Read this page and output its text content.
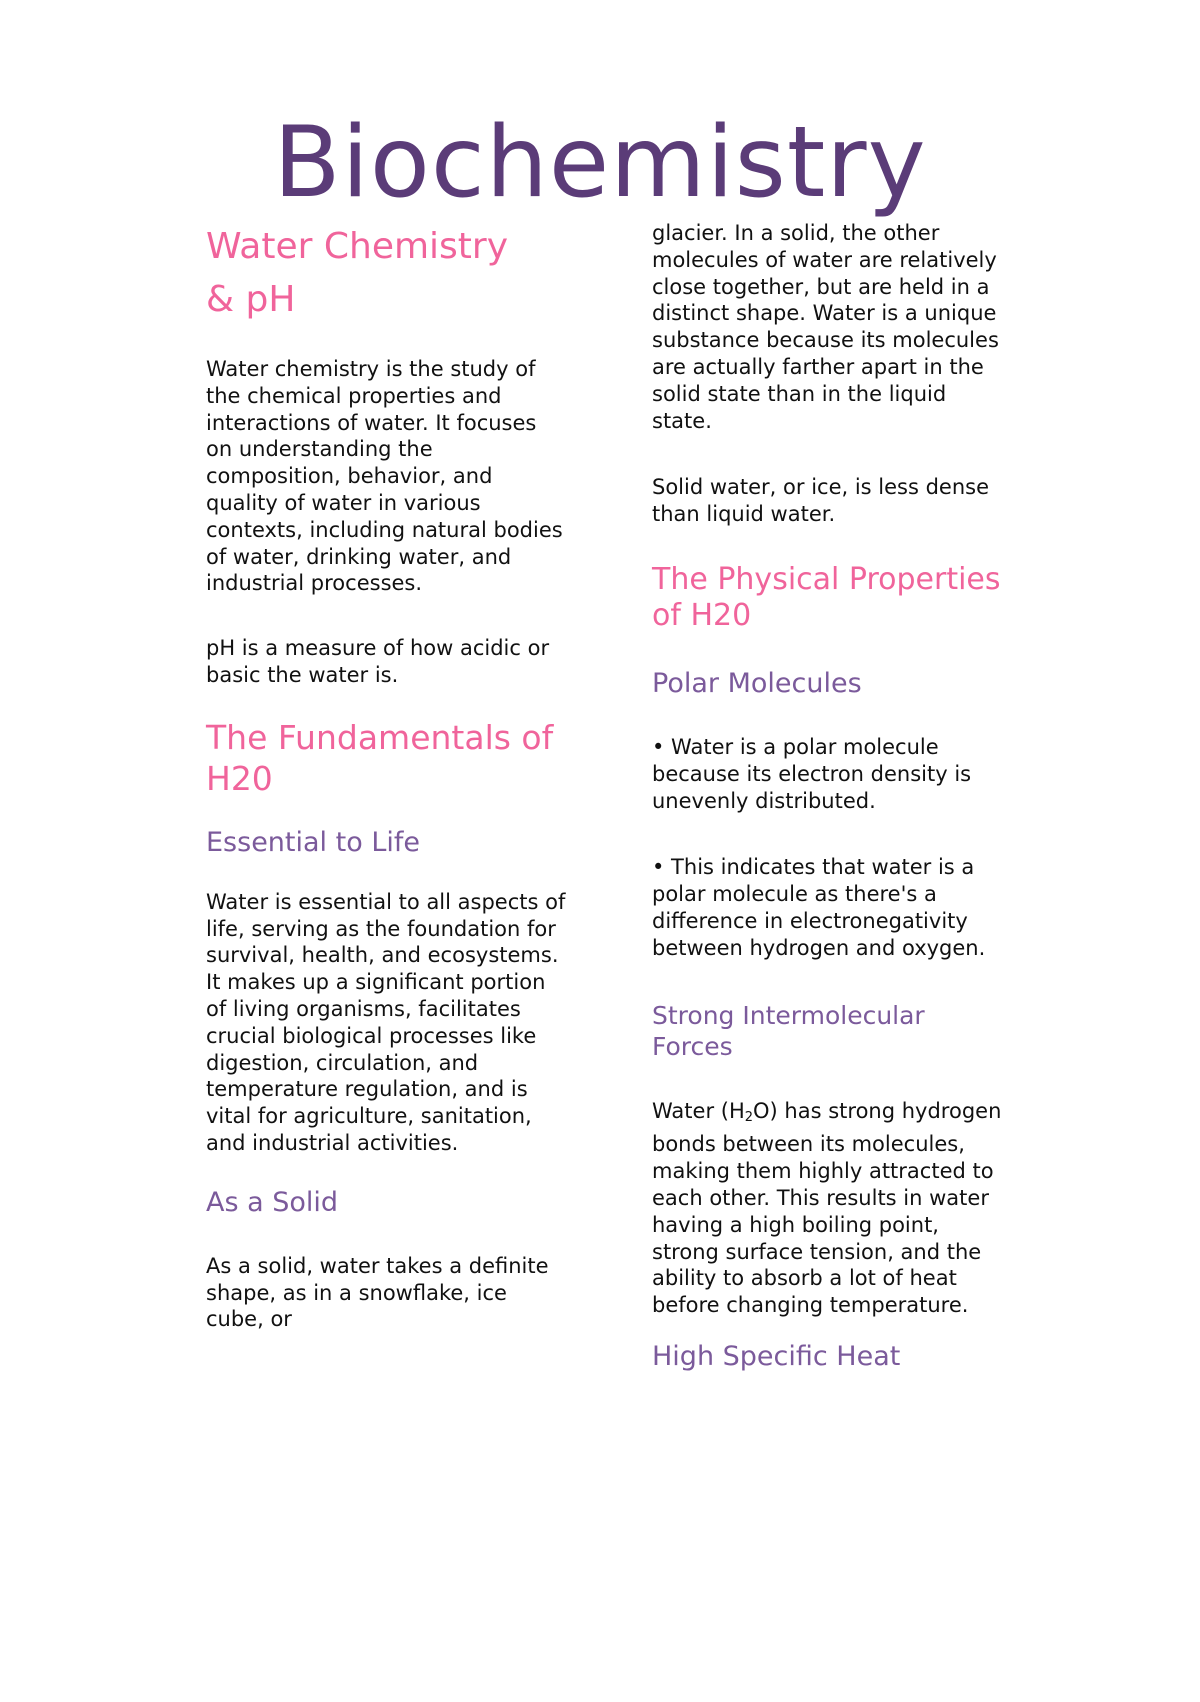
Biochemistry
Water Chemistry & pH

Water chemistry is the study of the chemical properties and interactions of water. It focuses on understanding the composition, behavior, and quality of water in various contexts, including natural bodies of water, drinking water, and industrial processes.

pH is a measure of how acidic or basic the water is.

The Fundamentals of H20
Essential to Life

Water is essential to all aspects of life, serving as the foundation for survival, health, and ecosystems. It makes up a significant portion of living organisms, facilitates crucial biological processes like digestion, circulation, and temperature regulation, and is vital for agriculture, sanitation, and industrial activities.

As a Solid

As a solid, water takes a definite shape, as in a snowflake, ice cube, or

glacier. In a solid, the other molecules of water are relatively close together, but are held in a distinct shape. Water is a unique substance because its molecules are actually farther apart in the solid state than in the liquid state.

Solid water, or ice, is less dense than liquid water.

The Physical Properties of H20
Polar Molecules

• Water is a polar molecule because its electron density is unevenly distributed.

• This indicates that water is a polar molecule as there's a difference in electronegativity between hydrogen and oxygen.

Strong Intermolecular Forces

Water $(H_2O)$ has strong hydrogen bonds between its molecules, making them highly attracted to each other. This results in water having a high boiling point, strong surface tension, and the ability to absorb a lot of heat before changing temperature.

High Specific Heat
